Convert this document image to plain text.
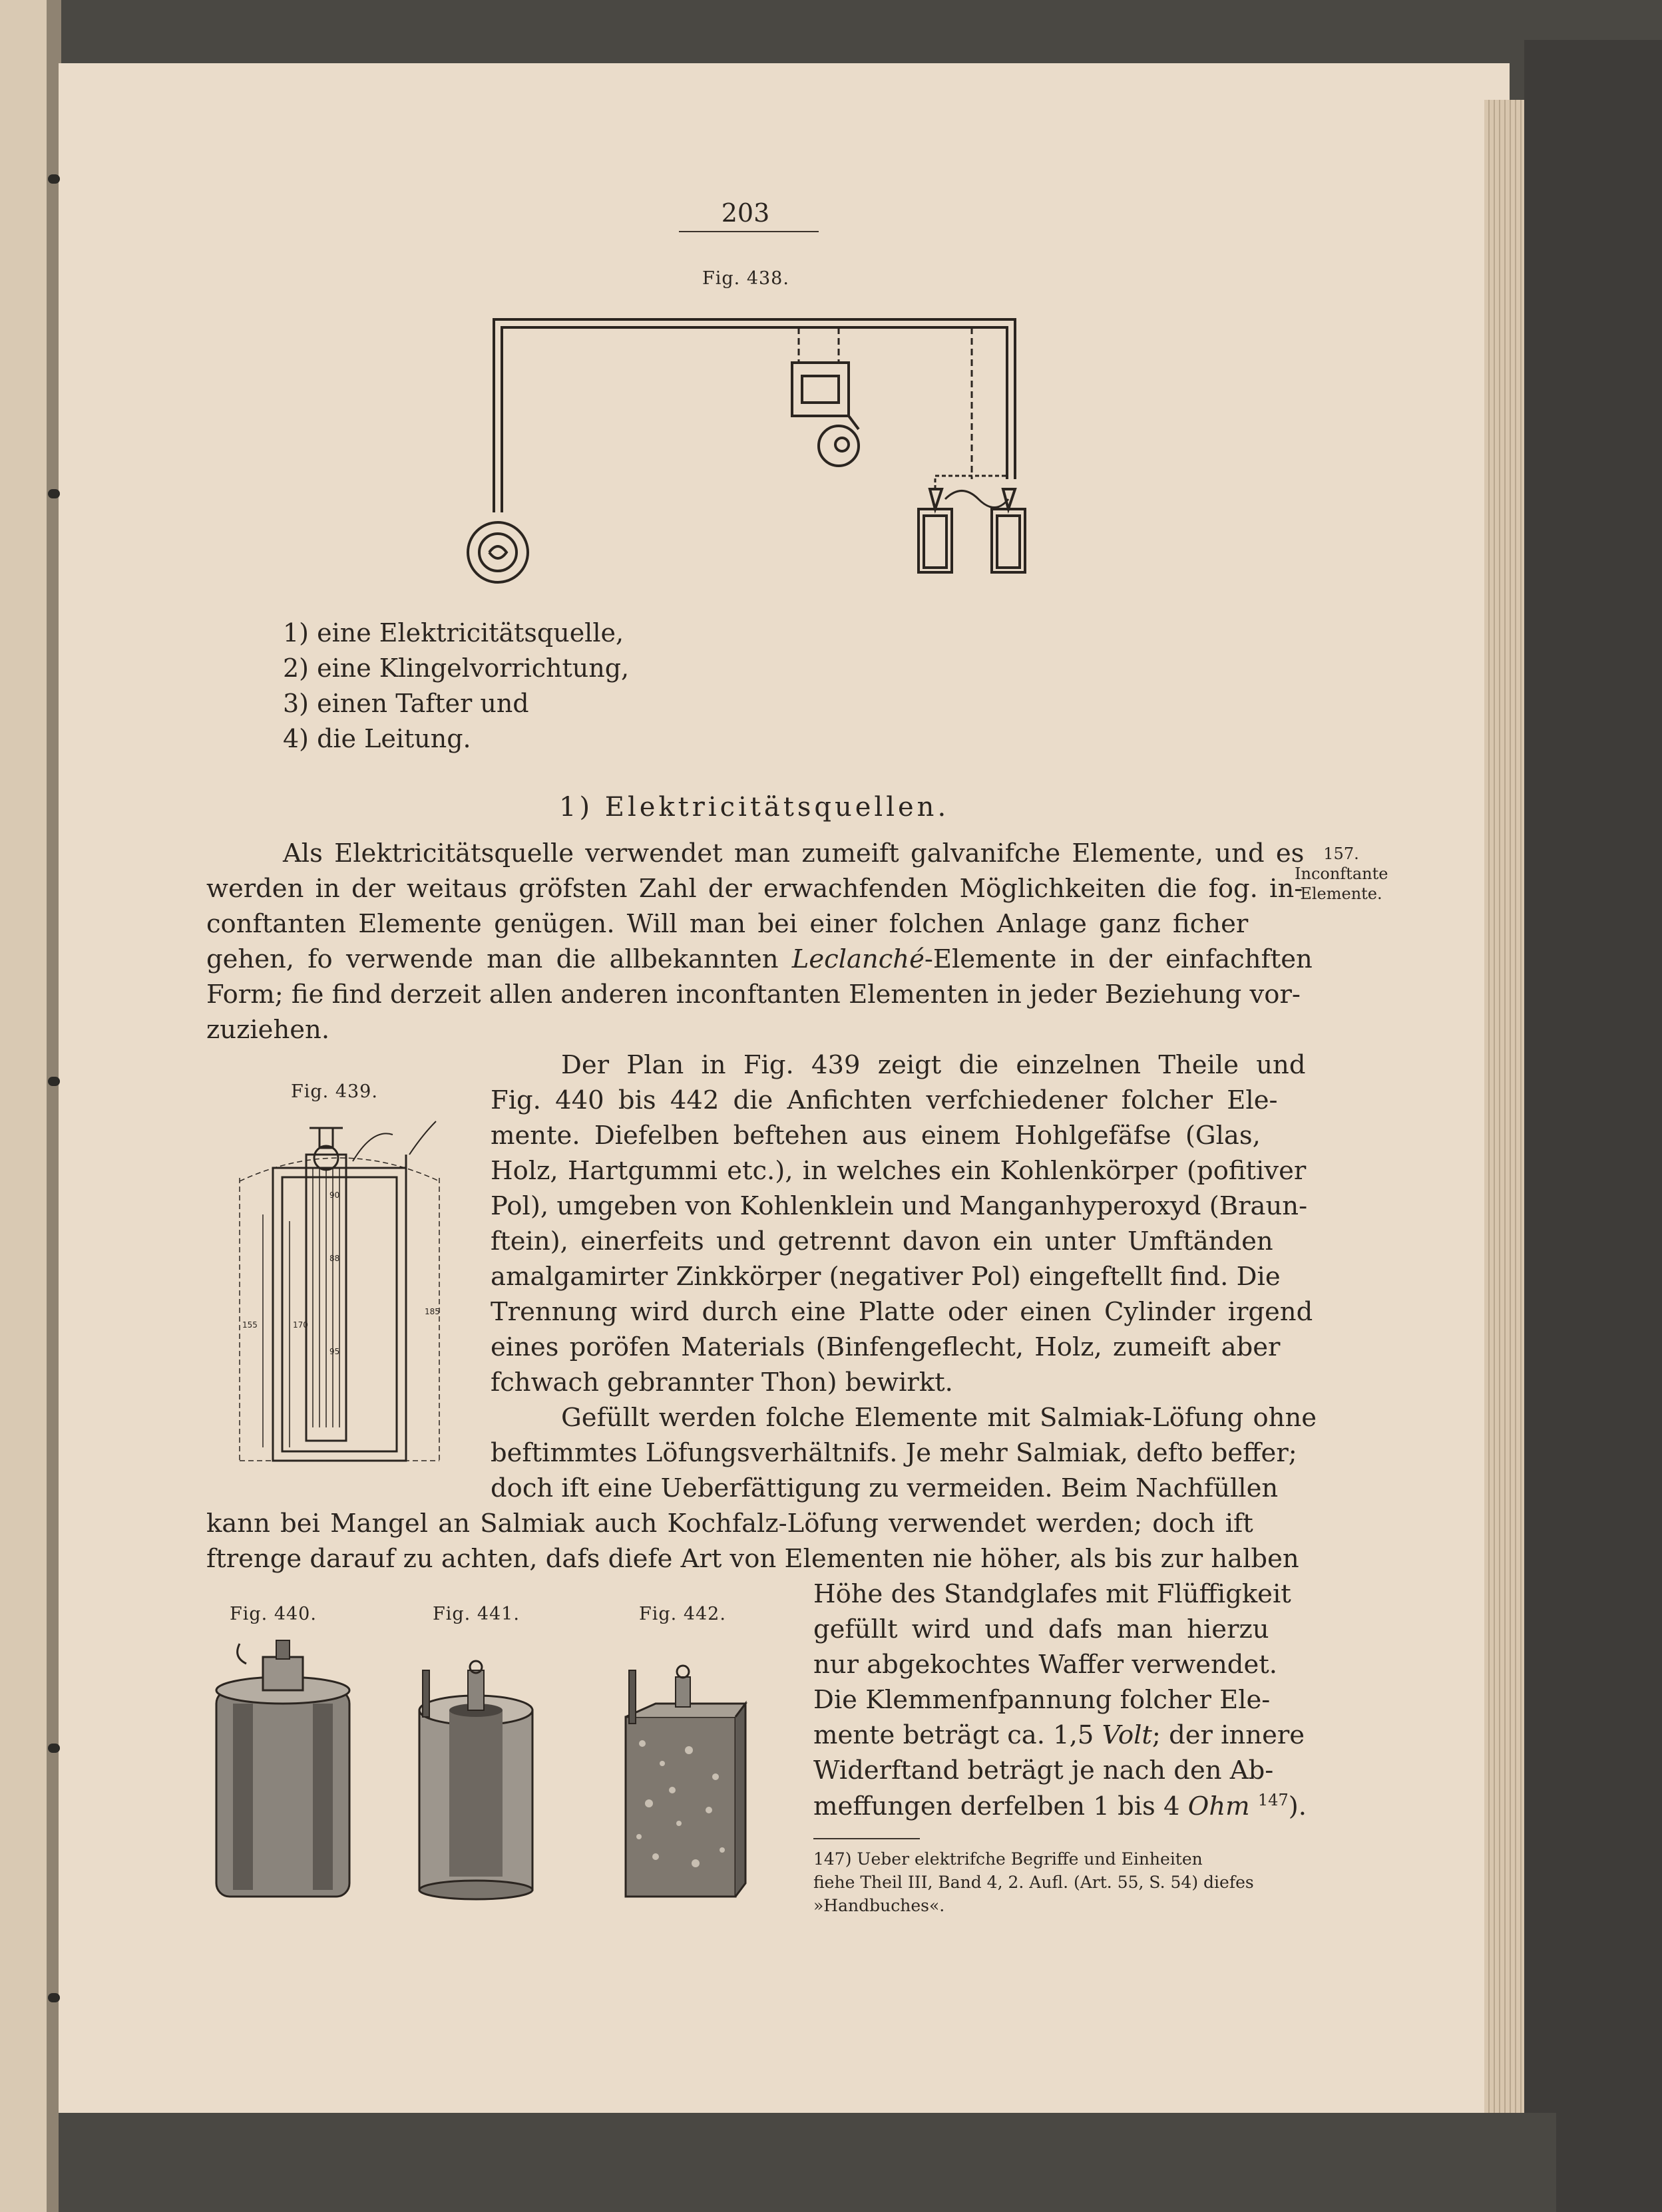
203
Fig. 438.
1) eine Elektricitätsquelle,
2) eine Klingelvorrichtung,
3) einen Tafter und
4) die Leitung.
1) Elektricitätsquellen.
157.
Inconftante
Elemente.
Als Elektricitätsquelle verwendet man zumeift galvanifche Elemente, und es
werden in der weitaus gröfsten Zahl der erwachfenden Möglichkeiten die fog. in-
conftanten Elemente genügen. Will man bei einer folchen Anlage ganz ficher
gehen, fo verwende man die allbekannten Leclanché-Elemente in der einfachften
Form; fie find derzeit allen anderen inconftanten Elementen in jeder Beziehung vor-
zuziehen.
Fig. 439.
90
88
170
155
95
185
Der Plan in Fig. 439 zeigt die einzelnen Theile und
Fig. 440 bis 442 die Anfichten verfchiedener folcher Ele-
mente. Diefelben beftehen aus einem Hohlgefäfse (Glas,
Holz, Hartgummi etc.), in welches ein Kohlenkörper (pofitiver
Pol), umgeben von Kohlenklein und Manganhyperoxyd (Braun-
ftein), einerfeits und getrennt davon ein unter Umftänden
amalgamirter Zinkkörper (negativer Pol) eingeftellt find. Die
Trennung wird durch eine Platte oder einen Cylinder irgend
eines poröfen Materials (Binfengeflecht, Holz, zumeift aber
fchwach gebrannter Thon) bewirkt.
Gefüllt werden folche Elemente mit Salmiak-Löfung ohne
beftimmtes Löfungsverhältnifs. Je mehr Salmiak, defto beffer;
doch ift eine Ueberfättigung zu vermeiden. Beim Nachfüllen
kann bei Mangel an Salmiak auch Kochfalz-Löfung verwendet werden; doch ift
ftrenge darauf zu achten, dafs diefe Art von Elementen nie höher, als bis zur halben
Höhe des Standglafes mit Flüffigkeit
gefüllt wird und dafs man hierzu
nur abgekochtes Waffer verwendet.
Die Klemmenfpannung folcher Ele-
mente beträgt ca. 1,5 Volt; der innere
Widerftand beträgt je nach den Ab-
meffungen derfelben 1 bis 4 Ohm $^{147}$).
Fig. 440.	Fig. 441.	Fig. 442.
147) Ueber elektrifche Begriffe und Einheiten
fiehe Theil III, Band 4, 2. Aufl. (Art. 55, S. 54) diefes
»Handbuches«.
